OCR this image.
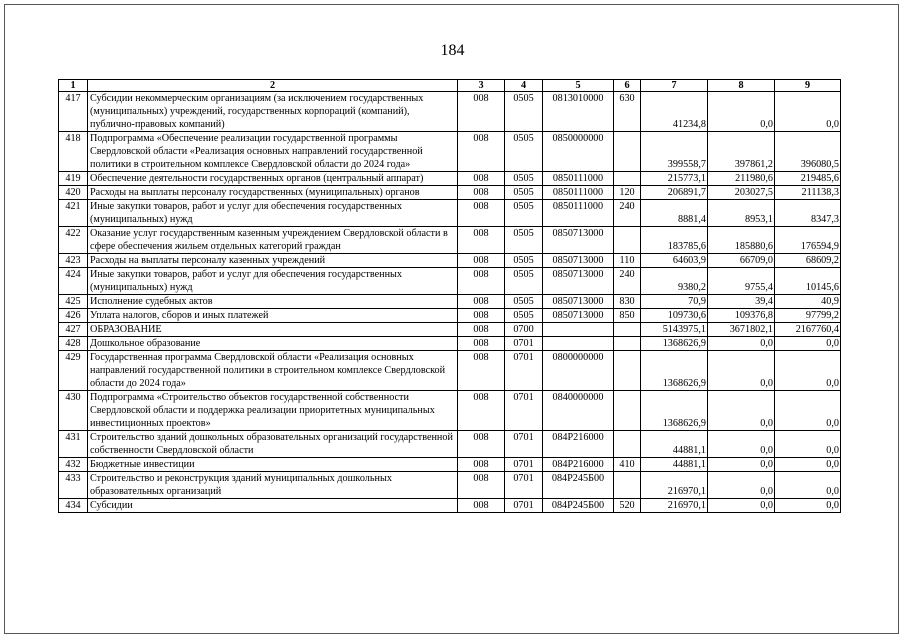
184
1	2	3	4	5	6	7	8	9
417	Субсидии некоммерческим организациям (за исключением государственных (муниципальных) учреждений, государственных корпораций (компаний), публично-правовых компаний)	008	0505	0813010000	630	41234,8	0,0	0,0
418	Подпрограмма «Обеспечение реализации государственной программы Свердловской области «Реализация основных направлений государственной политики в строительном комплексе Свердловской области до 2024 года»	008	0505	0850000000		399558,7	397861,2	396080,5
419	Обеспечение деятельности государственных органов (центральный аппарат)	008	0505	0850111000		215773,1	211980,6	219485,6
420	Расходы на выплаты персоналу государственных (муниципальных) органов	008	0505	0850111000	120	206891,7	203027,5	211138,3
421	Иные закупки товаров, работ и услуг для обеспечения государственных (муниципальных) нужд	008	0505	0850111000	240	8881,4	8953,1	8347,3
422	Оказание услуг государственным казенным учреждением Свердловской области в сфере обеспечения жильем отдельных категорий граждан	008	0505	0850713000		183785,6	185880,6	176594,9
423	Расходы на выплаты персоналу казенных учреждений	008	0505	0850713000	110	64603,9	66709,0	68609,2
424	Иные закупки товаров, работ и услуг для обеспечения государственных (муниципальных) нужд	008	0505	0850713000	240	9380,2	9755,4	10145,6
425	Исполнение судебных актов	008	0505	0850713000	830	70,9	39,4	40,9
426	Уплата налогов, сборов и иных платежей	008	0505	0850713000	850	109730,6	109376,8	97799,2
427	ОБРАЗОВАНИЕ	008	0700			5143975,1	3671802,1	2167760,4
428	Дошкольное образование	008	0701			1368626,9	0,0	0,0
429	Государственная программа Свердловской области «Реализация основных направлений государственной политики в строительном комплексе Свердловской области до 2024 года»	008	0701	0800000000		1368626,9	0,0	0,0
430	Подпрограмма «Строительство объектов государственной собственности Свердловской области и поддержка реализации приоритетных муниципальных инвестиционных проектов»	008	0701	0840000000		1368626,9	0,0	0,0
431	Строительство зданий дошкольных образовательных организаций государственной собственности Свердловской области	008	0701	084P216000		44881,1	0,0	0,0
432	Бюджетные инвестиции	008	0701	084P216000	410	44881,1	0,0	0,0
433	Строительство и реконструкция зданий муниципальных дошкольных образовательных организаций	008	0701	084P245Б00		216970,1	0,0	0,0
434	Субсидии	008	0701	084P245Б00	520	216970,1	0,0	0,0
